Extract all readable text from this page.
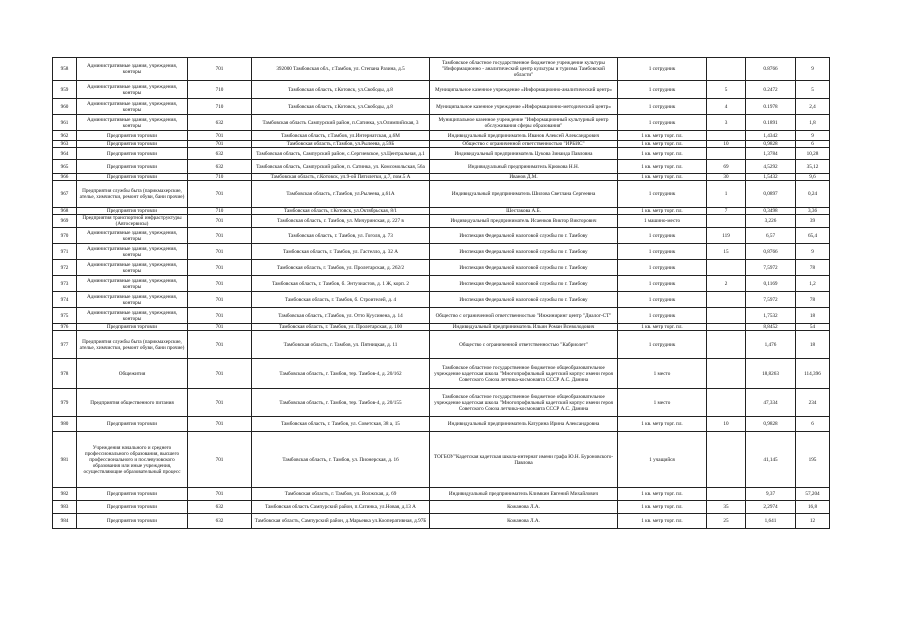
958	Административные здания, учреждения, конторы	701	392000 Тамбовская обл., г.Тамбов, ул. Степана Разина, д.5	Тамбовское областное государственное бюджетное учреждение культуры "Информационно - аналитический центр культуры и туризма Тамбовской области"	1 сотрудник		0.8766	9
959	Административные здания, учреждения, конторы	710	Тамбовская область, г.Котовск, ул.Свободы, д.8	Муниципальное казенное учреждение «Информационно-аналитический центр»	1 сотрудник	5	0.2472	5
960	Административные здания, учреждения, конторы	710	Тамбовская область, г.Котовск, ул.Свободы, д.8	Муниципальное казенное учреждение «Информационно-методический центр»	1 сотрудник	4	0.1978	2,4
961	Административные здания, учреждения, конторы	632	Тамбовская область Сампурский район, п.Сатинка, ул.Олимпийская, 3	Муниципальное казенное учреждение "Информационный культурный центр обслуживания сферы образования"	1 сотрудник	3	0.1891	1,8
962	Предприятия торговли	701	Тамбовская область, г.Тамбов, ул.Интернатская, д.6М	Индивидуальный предприниматель Иванов Алексей Александрович	1 кв. метр торг. пл.		1,4342	9
963	Предприятия торговли	701	Тамбовская область, г.Тамбов, ул.Рылеева, д.59Б	Общество с ограниченной ответственностью "ИРБИС"	1 кв. метр торг. пл.	10	0,9828	6
964	Предприятия торговли	632	Тамбовская область, Сампурский район, с.Сергиевское, ул.Центральная, д.1	Индивидуальный предприниматель Цукова Зинаида Павловна	1 кв. метр торг. пл.		1,3784	10,28
965	Предприятия торговли	632	Тамбовская область, Сампурский район, п. Сатинка, ул. Комсомольская, 56а	Индивидуальный предприниматель Крюкова Н.Н.	1 кв. метр торг. пл.	69	4,5292	35,12
966	Предприятия торговли	710	Тамбовская область, г.Котовск, ул.9-ой Пятилетки, д.7, пом.5 А	Иванов Д.М.	1 кв. метр торг. пл.	30	1,5432	9,6
967	Предприятия службы быта (парикмахерские, ателье, химчистки, ремонт обуви, бани прочие)	701	Тамбовская область, г.Тамбов, ул.Рылеева, д.61А	Индивидуальный предприниматель Шилова Светлана Сергеевна	1 сотрудник	1	0,0897	0,24
968	Предприятия торговли	710	Тамбовская область, г.Котовск, ул.Октябрьская, 8/1	Шестакова А.Б.	1 кв. метр торг. пл.	7	0,3498	3,36
969	Предприятия транспортной инфраструктуры (Автосервисы)	701	Тамбовская область, г. Тамбов, ул. Мичуринская, д. 227 в	Индивидуальный предприниматель Исаенков Виктор Викторович	1 машино-место		3,226	39
970	Административные здания, учреждения, конторы	701	Тамбовская область, г. Тамбов, ул. Гоголя, д. 73	Инспекция Федеральной налоговой службы по г. Тамбову	1 сотрудник	119	6,57	65,4
971	Административные здания, учреждения, конторы	701	Тамбовская область, г. Тамбов, ул. Гастелло, д. 32 А	Инспекция Федеральной налоговой службы по г. Тамбову	1 сотрудник	15	0,8766	9
972	Административные здания, учреждения, конторы	701	Тамбовская область, г. Тамбов, ул. Пролетарская, д. 262/2	Инспекция Федеральной налоговой службы по г. Тамбову	1 сотрудник		7,5972	78
973	Административные здания, учреждения, конторы	701	Тамбовская область, г. Тамбов, б. Энтузиастов, д. 1 Ж, корп. 2	Инспекция Федеральной налоговой службы по г. Тамбову	1 сотрудник	2	0,1169	1,2
974	Административные здания, учреждения, конторы	701	Тамбовская область, г. Тамбов, б. Строителей, д. 4	Инспекция Федеральной налоговой службы по г. Тамбову	1 сотрудник		7,5972	78
975	Административные здания, учреждения, конторы	701	Тамбовская область, г.Тамбов, ул. Отто Куусинена, д. 14	Общество с ограниченной ответственностью "Инжиниринг центр "Диалог-СТ"	1 сотрудник		1,7532	18
976	Предприятия торговли	701	Тамбовская область, г. Тамбов, ул. Пролетарская, д. 100	Индивидуальный предприниматель Ильин Роман Всеволодович	1 кв. метр торг. пл.		8,8452	54
977	Предприятия службы быта (парикмахерские, ателье, химчистки, ремонт обуви, бани прочие)	701	Тамбовская область, г. Тамбов, ул. Пятницкая, д. 11	Общество с ограниченной ответственностью "Кабриолет"	1 сотрудник		1,476	18
978	Общежития	701	Тамбовская область, г. Тамбов, тер. Тамбов-4, д. 20/162	Тамбовское областное государственное бюджетное общеобразовательное учреждение кадетская школа "Многопрофильный кадетский корпус имени героя Советского Союза летчика-космонавта СССР А.С. Данина	1 место		18,8263	114,396
979	Предприятия общественного питания	701	Тамбовская область, г. Тамбов, тер. Тамбов-4, д. 20/155	Тамбовское областное государственное бюджетное общеобразовательное учреждение кадетская школа "Многопрофильный кадетский корпус имени героя Советского Союза летчика-космонавта СССР А.С. Данина	1 место		47,334	234
980	Предприятия торговли	701	Тамбовская область, г. Тамбов, ул. Советская, 38 а, 15	Индивидуальный предприниматель Катурина Ирина Александровна	1 кв. метр торг. пл.	10	0,9828	6
981	Учреждения начального и среднего профессионального образования, высшего профессионального и послевузовского образования или иные учреждения, осуществляющие образовательный процесс	701	Тамбовская область, г. Тамбов, ул. Пионерская, д. 16	ТОГБОУ"Кадетская кадетская школа-интернат имени графа Ю.Н. Буроновского-Павлова	1 учащийся		41,145	195
982	Предприятия торговли	701	Тамбовская область, г. Тамбов, ул. Волжская, д. 69	Индивидуальный предприниматель Климкин Евгений Михайлович	1 кв. метр торг. пл.		9,37	57,204
983	Предприятия торговли	632	Тамбовская область Сампурский район, п.Сатинка, ул.Новая, д.13 А	Кожанова Л.А.	1 кв. метр торг. пл.	35	2,2974	16,8
984	Предприятия торговли	632	Тамбовская область, Сампурский район, д.Марьевка ул.Кооперативная, д.97Б	Кожанова Л.А.	1 кв. метр торг. пл.	25	1,641	12
